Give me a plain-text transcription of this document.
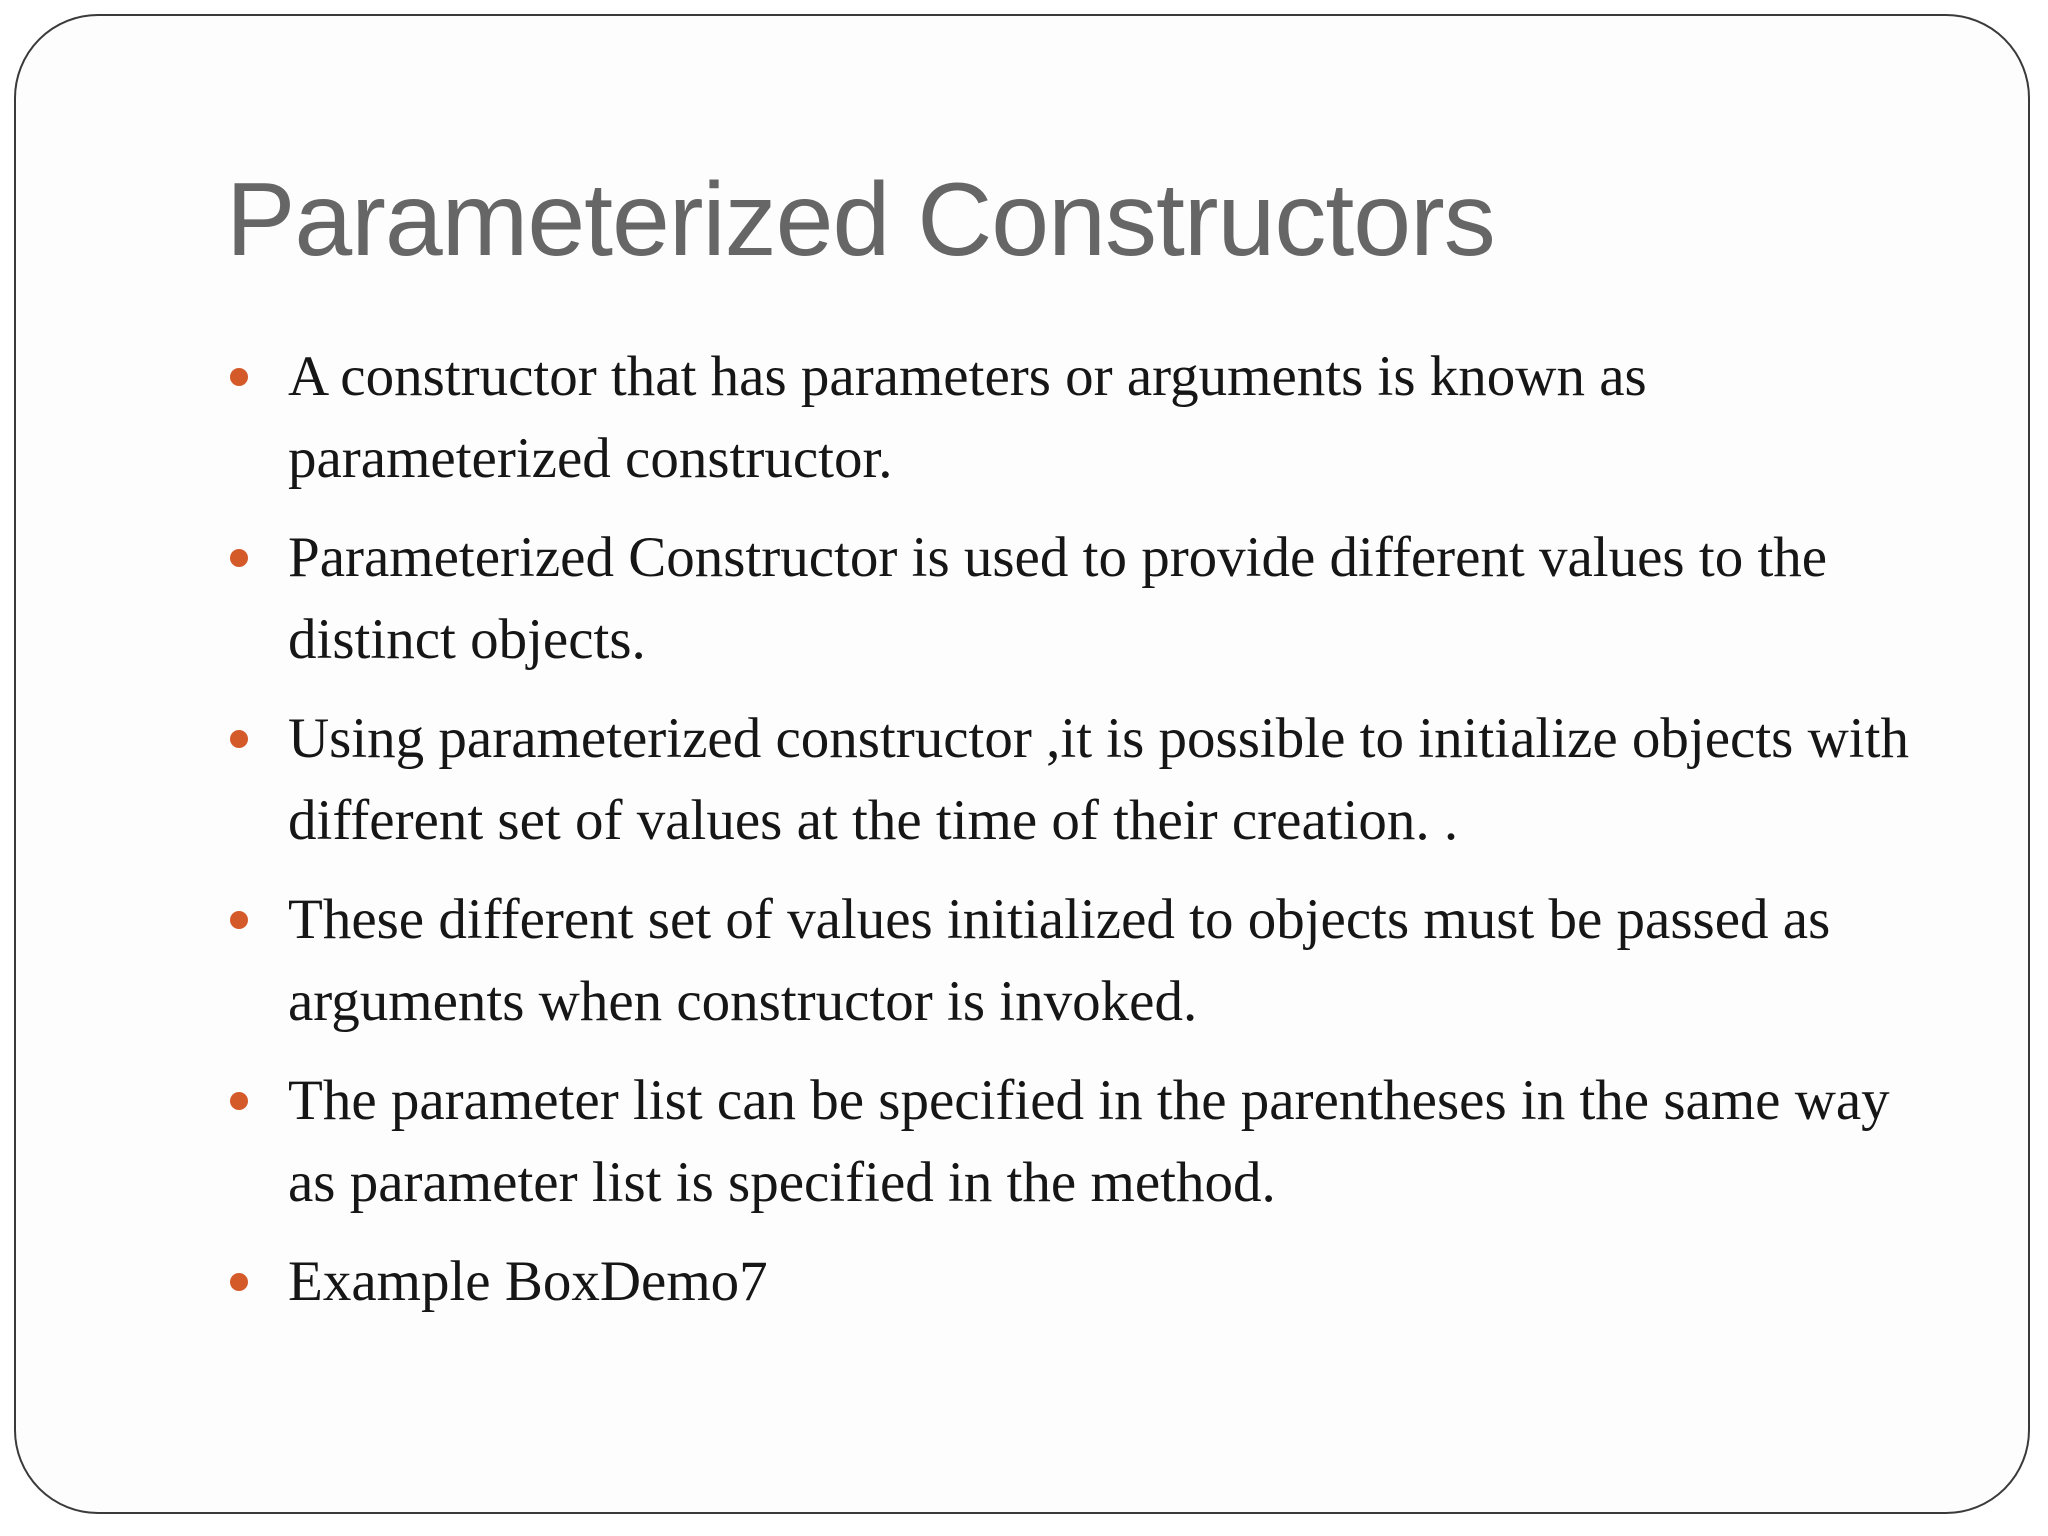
Parameterized Constructors
A constructor that has parameters or arguments is known as parameterized constructor.
Parameterized Constructor is used to provide different values to the distinct objects.
Using parameterized constructor ,it is possible to initialize objects with different set of values at the time of their creation. .
These different set of values initialized to objects must be passed as arguments when constructor is invoked.
The parameter list can be specified in the parentheses in the same way as parameter list is specified in the method.
Example BoxDemo7
